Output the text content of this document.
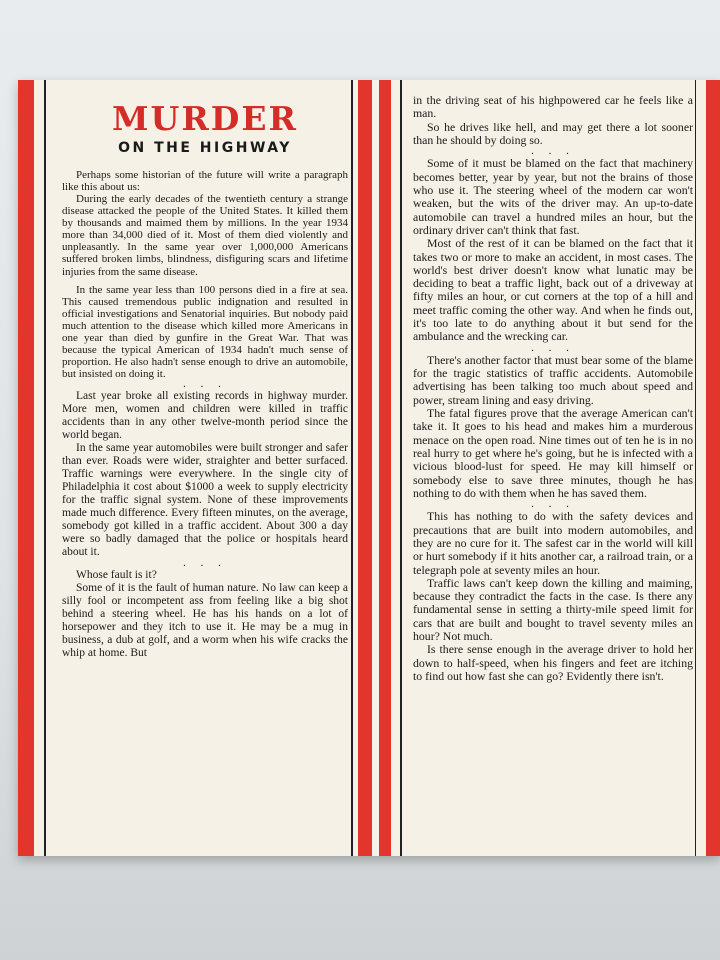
MURDER
ON THE HIGHWAY

Perhaps some historian of the future will write a paragraph like this about us:

During the early decades of the twentieth century a strange disease attacked the people of the United States. It killed them by thousands and maimed them by millions. In the year 1934 more than 34,000 died of it. Most of them died violently and unpleasantly. In the same year over 1,000,000 Americans suffered broken limbs, blindness, disfiguring scars and lifetime injuries from the same disease.

In the same year less than 100 persons died in a fire at sea. This caused tremendous public indignation and resulted in official investigations and Senatorial inquiries. But nobody paid much attention to the disease which killed more Americans in one year than died by gunfire in the Great War. That was because the typical American of 1934 hadn't much sense of proportion. He also hadn't sense enough to drive an automobile, but insisted on doing it.

. . .

Last year broke all existing records in highway murder. More men, women and children were killed in traffic accidents than in any other twelve-month period since the world began.

In the same year automobiles were built stronger and safer than ever. Roads were wider, straighter and better surfaced. Traffic warnings were everywhere. In the single city of Philadelphia it cost about $1000 a week to supply electricity for the traffic signal system. None of these improvements made much difference. Every fifteen minutes, on the average, somebody got killed in a traffic accident. About 300 a day were so badly damaged that the police or hospitals heard about it.

. . .

Whose fault is it?

Some of it is the fault of human nature. No law can keep a silly fool or incompetent ass from feeling like a big shot behind a steering wheel. He has his hands on a lot of horsepower and they itch to use it. He may be a mug in business, a dub at golf, and a worm when his wife cracks the whip at home. But

in the driving seat of his highpowered car he feels like a man.

So he drives like hell, and may get there a lot sooner than he should by doing so.

. . .

Some of it must be blamed on the fact that machinery becomes better, year by year, but not the brains of those who use it. The steering wheel of the modern car won't weaken, but the wits of the driver may. An up-to-date automobile can travel a hundred miles an hour, but the ordinary driver can't think that fast.

Most of the rest of it can be blamed on the fact that it takes two or more to make an accident, in most cases. The world's best driver doesn't know what lunatic may be deciding to beat a traffic light, back out of a driveway at fifty miles an hour, or cut corners at the top of a hill and meet traffic coming the other way. And when he finds out, it's too late to do anything about it but send for the ambulance and the wrecking car.

. . .

There's another factor that must bear some of the blame for the tragic statistics of traffic accidents. Automobile advertising has been talking too much about speed and power, stream lining and easy driving.

The fatal figures prove that the average American can't take it. It goes to his head and makes him a murderous menace on the open road. Nine times out of ten he is in no real hurry to get where he's going, but he is infected with a vicious blood-lust for speed. He may kill himself or somebody else to save three minutes, though he has nothing to do with them when he has saved them.

. . .

This has nothing to do with the safety devices and precautions that are built into modern automobiles, and they are no cure for it. The safest car in the world will kill or hurt somebody if it hits another car, a railroad train, or a telegraph pole at seventy miles an hour.

Traffic laws can't keep down the killing and maiming, because they contradict the facts in the case. Is there any fundamental sense in setting a thirty-mile speed limit for cars that are built and bought to travel seventy miles an hour? Not much.

Is there sense enough in the average driver to hold her down to half-speed, when his fingers and feet are itching to find out how fast she can go? Evidently there isn't.
